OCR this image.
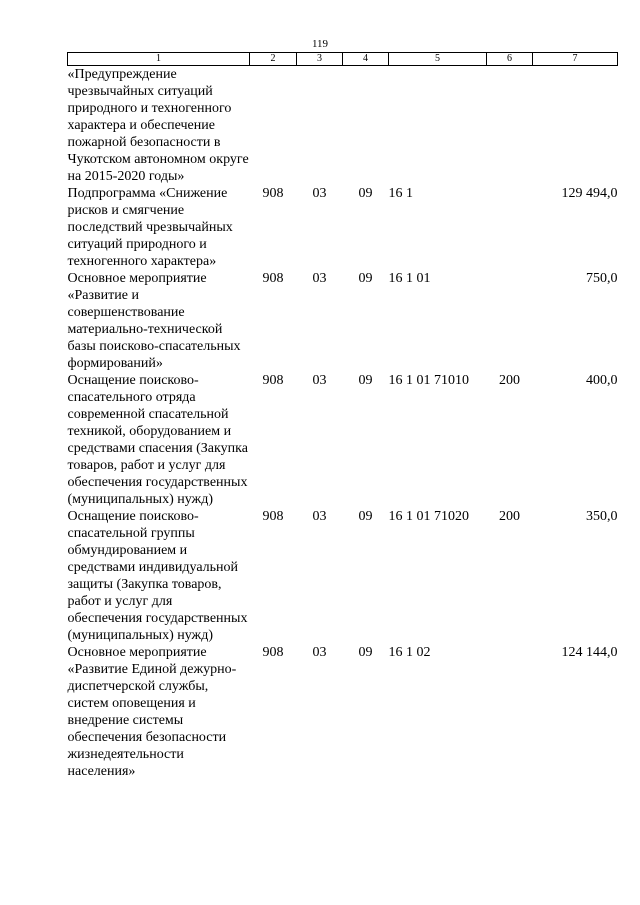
119
1	2	3	4	5	6	7
«Предупреждение чрезвычайных ситуаций природного и техногенного характера и обеспечение пожарной безопасности в Чукотском автономном округе на 2015-2020 годы»						
Подпрограмма «Снижение рисков и смягчение последствий чрезвычайных ситуаций природного и техногенного характера»	908	03	09	16 1		129 494,0
Основное мероприятие «Развитие и совершенствование материально-технической базы поисково-спасательных формирований»	908	03	09	16 1 01		750,0
Оснащение поисково-спасательного отряда современной спасательной техникой, оборудованием и средствами спасения (Закупка товаров, работ и услуг для обеспечения государственных (муниципальных) нужд)	908	03	09	16 1 01 71010	200	400,0
Оснащение поисково-спасательной группы обмундированием и средствами индивидуальной защиты (Закупка товаров, работ и услуг для обеспечения государственных (муниципальных) нужд)	908	03	09	16 1 01 71020	200	350,0
Основное мероприятие «Развитие Единой дежурно-диспетчерской службы, систем оповещения и внедрение системы обеспечения безопасности жизнедеятельности населения»	908	03	09	16 1 02		124 144,0
